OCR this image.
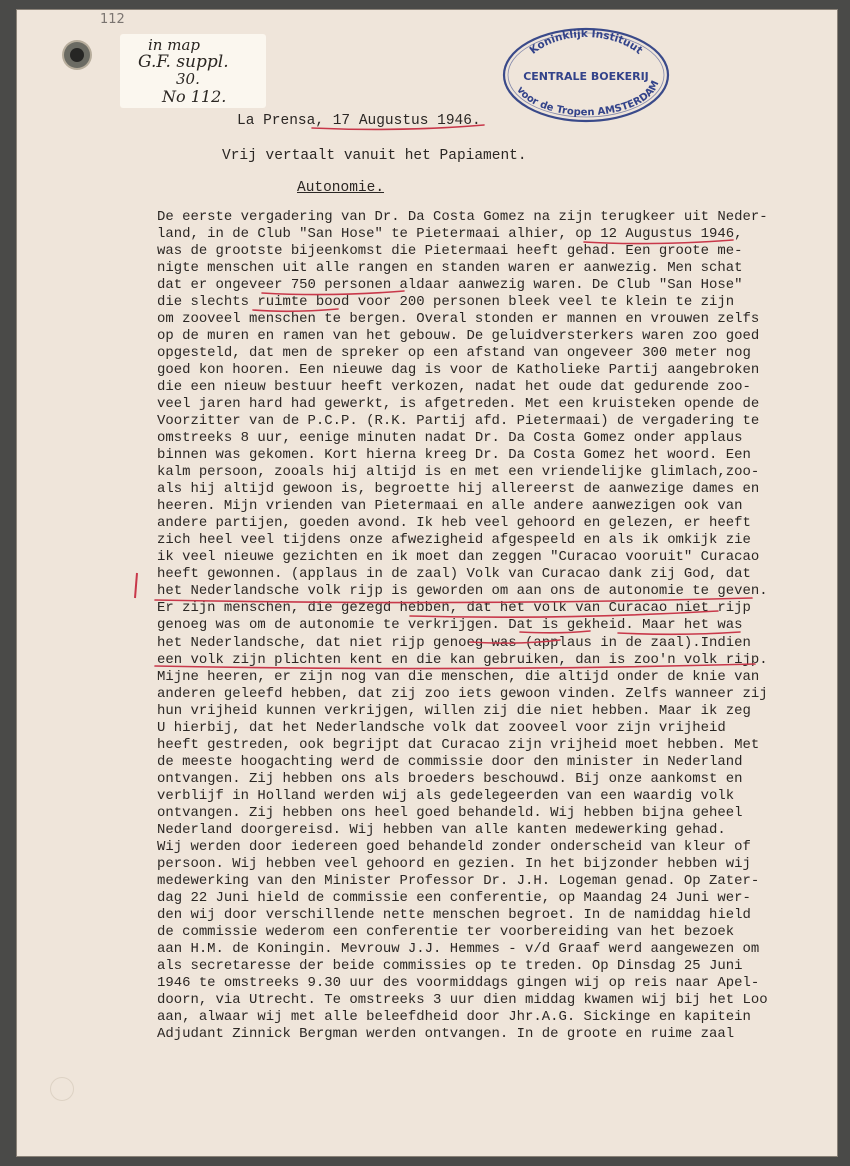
112
in map
G.F. suppl.
30.
No 112.
Koninklijk Instituut
CENTRALE BOEKERIJ
voor de Tropen AMSTERDAM
La Prensa, 17 Augustus 1946.
Vrij vertaalt vanuit het Papiament.
Autonomie.
De eerste vergadering van Dr. Da Costa Gomez na zijn terugkeer uit Neder-
land, in de Club "San Hose" te Pietermaai alhier, op 12 Augustus 1946,
was de grootste bijeenkomst die Pietermaai heeft gehad. Een groote me-
nigte menschen uit alle rangen en standen waren er aanwezig. Men schat
dat er ongeveer 750 personen aldaar aanwezig waren. De Club "San Hose"
die slechts ruimte bood voor 200 personen bleek veel te klein te zijn
om zooveel menschen te bergen. Overal stonden er mannen en vrouwen zelfs
op de muren en ramen van het gebouw. De geluidversterkers waren zoo goed
opgesteld, dat men de spreker op een afstand van ongeveer 300 meter nog
goed kon hooren. Een nieuwe dag is voor de Katholieke Partij aangebroken
die een nieuw bestuur heeft verkozen, nadat het oude dat gedurende zoo-
veel jaren hard had gewerkt, is afgetreden. Met een kruisteken opende de
Voorzitter van de P.C.P. (R.K. Partij afd. Pietermaai) de vergadering te
omstreeks 8 uur, eenige minuten nadat Dr. Da Costa Gomez onder applaus
binnen was gekomen. Kort hierna kreeg Dr. Da Costa Gomez het woord. Een
kalm persoon, zooals hij altijd is en met een vriendelijke glimlach,zoo-
als hij altijd gewoon is, begroette hij allereerst de aanwezige dames en
heeren. Mijn vrienden van Pietermaai en alle andere aanwezigen ook van
andere partijen, goeden avond. Ik heb veel gehoord en gelezen, er heeft
zich heel veel tijdens onze afwezigheid afgespeeld en als ik omkijk zie
ik veel nieuwe gezichten en ik moet dan zeggen "Curacao vooruit" Curacao
heeft gewonnen. (applaus in de zaal) Volk van Curacao dank zij God, dat
het Nederlandsche volk rijp is geworden om aan ons de autonomie te geven.
Er zijn menschen, die gezegd hebben, dat het volk van Curacao niet rijp
genoeg was om de autonomie te verkrijgen. Dat is gekheid. Maar het was
het Nederlandsche, dat niet rijp genoeg was (applaus in de zaal).Indien
een volk zijn plichten kent en die kan gebruiken, dan is zoo'n volk rijp.
Mijne heeren, er zijn nog van die menschen, die altijd onder de knie van
anderen geleefd hebben, dat zij zoo iets gewoon vinden. Zelfs wanneer zij
hun vrijheid kunnen verkrijgen, willen zij die niet hebben. Maar ik zeg
U hierbij, dat het Nederlandsche volk dat zooveel voor zijn vrijheid
heeft gestreden, ook begrijpt dat Curacao zijn vrijheid moet hebben. Met
de meeste hoogachting werd de commissie door den minister in Nederland
ontvangen. Zij hebben ons als broeders beschouwd. Bij onze aankomst en
verblijf in Holland werden wij als gedelegeerden van een waardig volk
ontvangen. Zij hebben ons heel goed behandeld. Wij hebben bijna geheel
Nederland doorgereisd. Wij hebben van alle kanten medewerking gehad.
Wij werden door iedereen goed behandeld zonder onderscheid van kleur of
persoon. Wij hebben veel gehoord en gezien. In het bijzonder hebben wij
medewerking van den Minister Professor Dr. J.H. Logeman genad. Op Zater-
dag 22 Juni hield de commissie een conferentie, op Maandag 24 Juni wer-
den wij door verschillende nette menschen begroet. In de namiddag hield
de commissie wederom een conferentie ter voorbereiding van het bezoek
aan H.M. de Koningin. Mevrouw J.J. Hemmes - v/d Graaf werd aangewezen om
als secretaresse der beide commissies op te treden. Op Dinsdag 25 Juni
1946 te omstreeks 9.30 uur des voormiddags gingen wij op reis naar Apel-
doorn, via Utrecht. Te omstreeks 3 uur dien middag kwamen wij bij het Loo
aan, alwaar wij met alle beleefdheid door Jhr.A.G. Sickinge en kapitein
Adjudant Zinnick Bergman werden ontvangen. In de groote en ruime zaal
